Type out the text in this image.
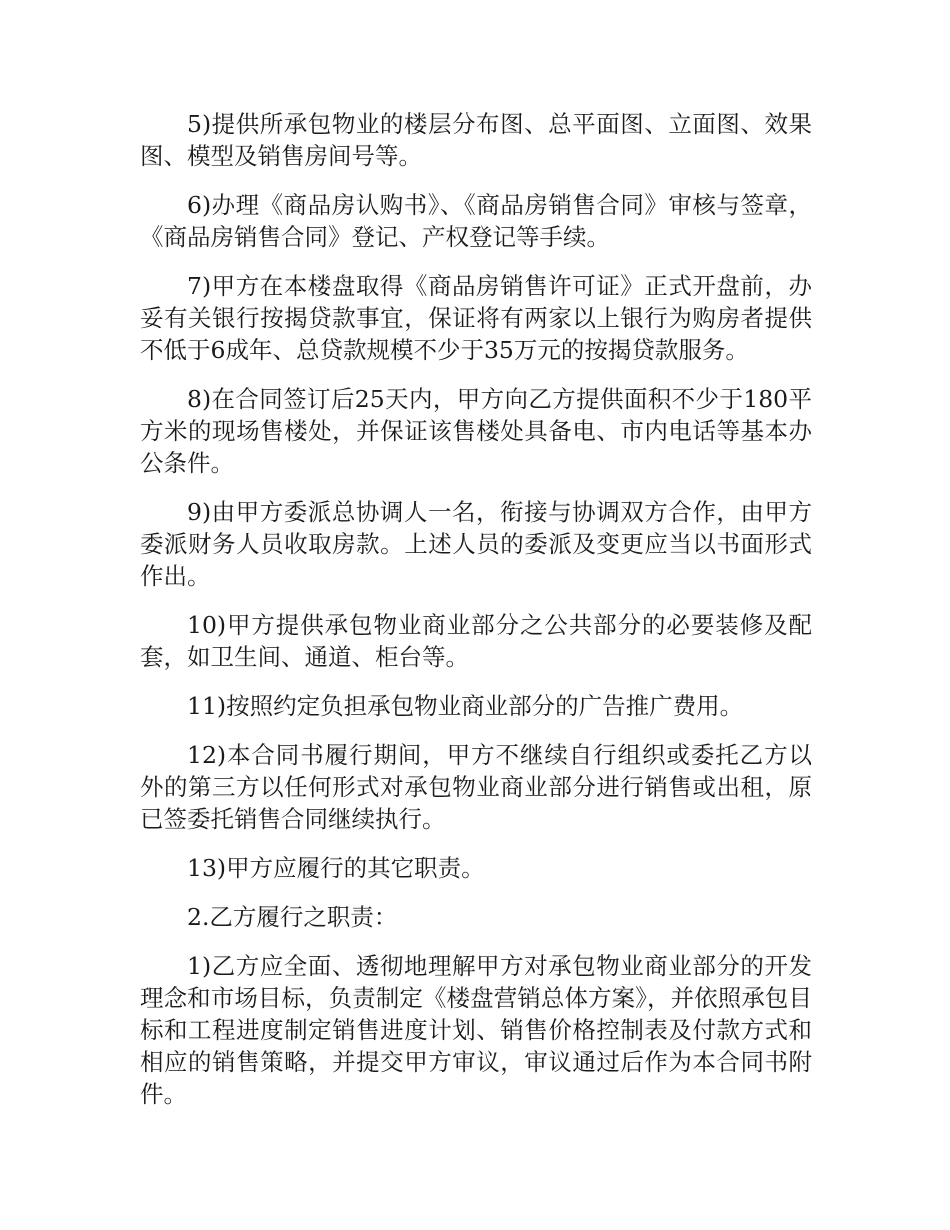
5)提供所承包物业的楼层分布图、总平面图、立面图、效果图、模型及销售房间号等。

6)办理《商品房认购书》、《商品房销售合同》审核与签章，《商品房销售合同》登记、产权登记等手续。

7)甲方在本楼盘取得《商品房销售许可证》正式开盘前，办妥有关银行按揭贷款事宜，保证将有两家以上银行为购房者提供不低于6成年、总贷款规模不少于35万元的按揭贷款服务。

8)在合同签订后25天内，甲方向乙方提供面积不少于180平方米的现场售楼处，并保证该售楼处具备电、市内电话等基本办公条件。

9)由甲方委派总协调人一名，衔接与协调双方合作，由甲方委派财务人员收取房款。上述人员的委派及变更应当以书面形式作出。

10)甲方提供承包物业商业部分之公共部分的必要装修及配套，如卫生间、通道、柜台等。

11)按照约定负担承包物业商业部分的广告推广费用。

12)本合同书履行期间，甲方不继续自行组织或委托乙方以外的第三方以任何形式对承包物业商业部分进行销售或出租，原已签委托销售合同继续执行。

13)甲方应履行的其它职责。

2.乙方履行之职责：

1)乙方应全面、透彻地理解甲方对承包物业商业部分的开发理念和市场目标，负责制定《楼盘营销总体方案》，并依照承包目标和工程进度制定销售进度计划、销售价格控制表及付款方式和相应的销售策略，并提交甲方审议，审议通过后作为本合同书附件。
